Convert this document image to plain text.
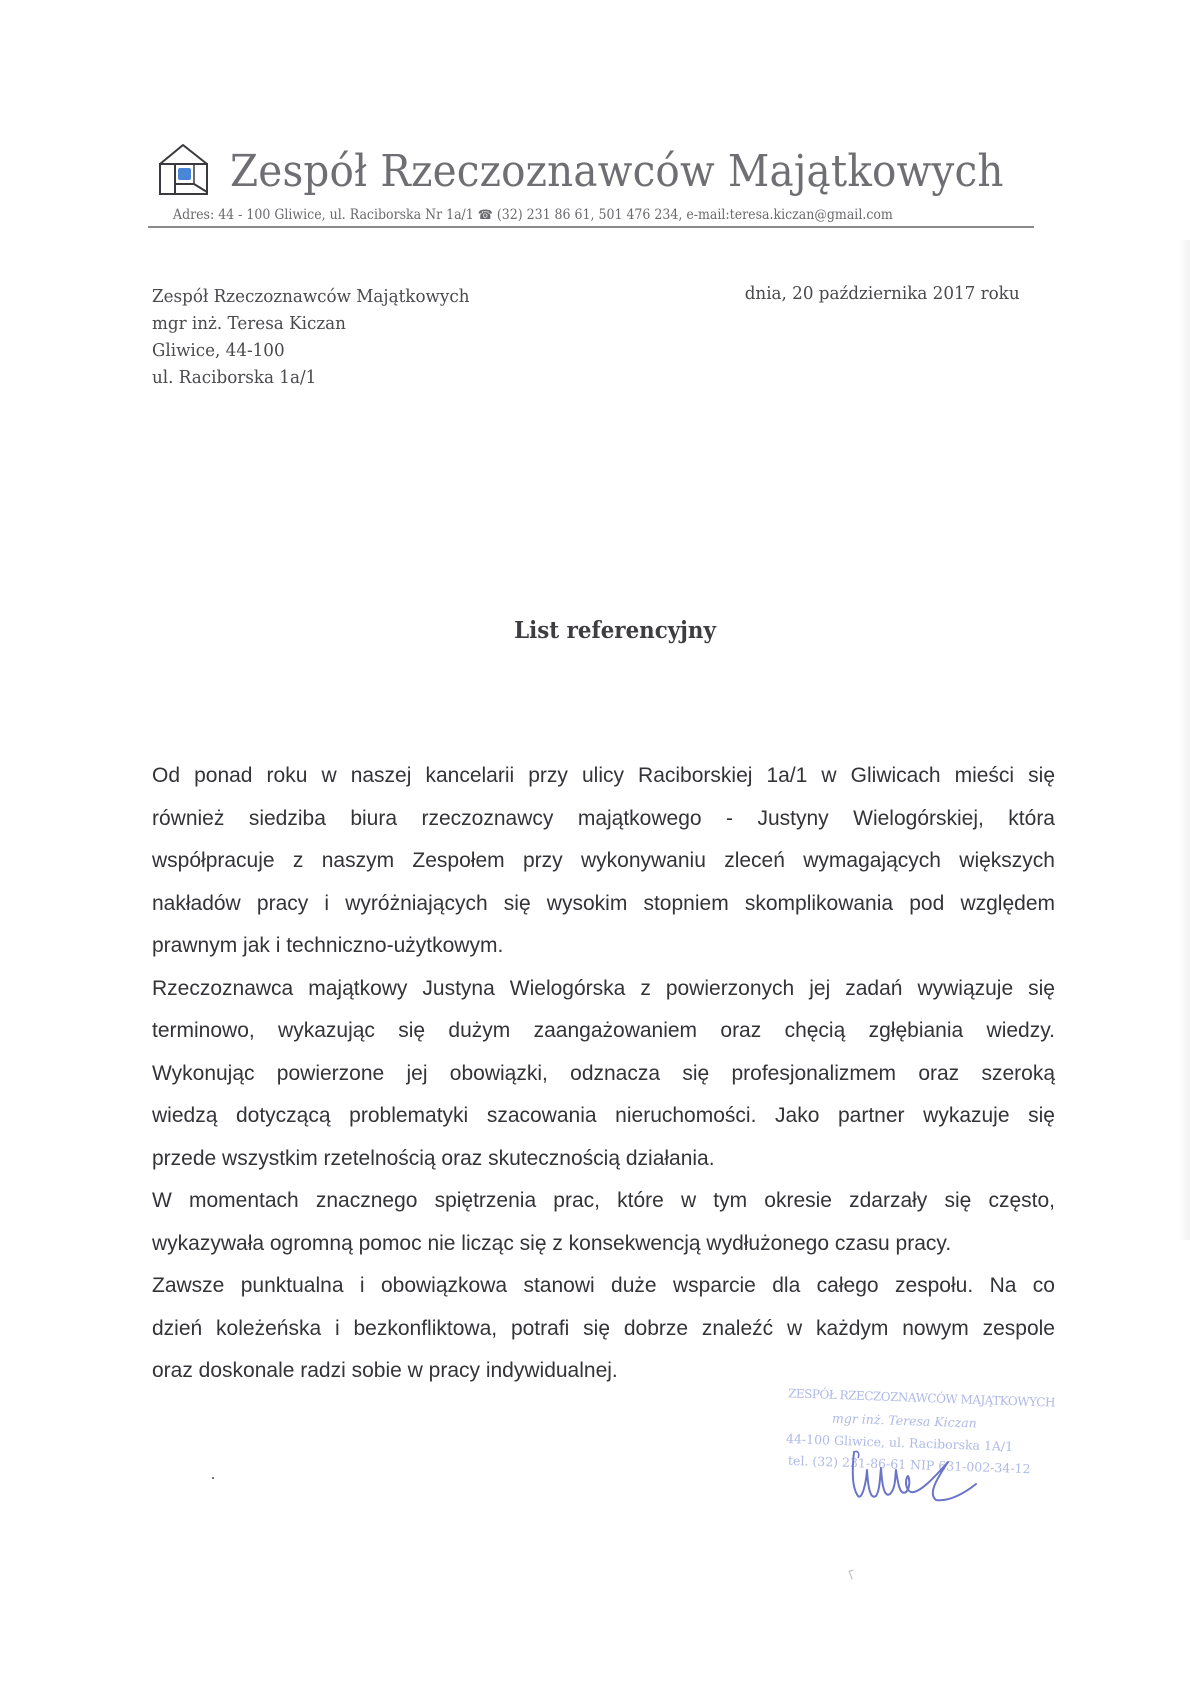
Zespół Rzeczoznawców Majątkowych
Adres: 44 - 100 Gliwice, ul. Raciborska Nr 1a/1 ☎ (32) 231 86 61, 501 476 234, e-mail:teresa.kiczan@gmail.com
Zespół Rzeczoznawców Majątkowych
mgr inż. Teresa Kiczan
Gliwice, 44-100
ul. Raciborska 1a/1
dnia, 20 października 2017 roku
List referencyjny
Od ponad roku w naszej kancelarii przy ulicy Raciborskiej 1a/1 w Gliwicach mieści się
również siedziba biura rzeczoznawcy majątkowego - Justyny Wielogórskiej, która
współpracuje z naszym Zespołem przy wykonywaniu zleceń wymagających większych
nakładów pracy i wyróżniających się wysokim stopniem skomplikowania pod względem
prawnym jak i techniczno-użytkowym.
Rzeczoznawca majątkowy Justyna Wielogórska z powierzonych jej zadań wywiązuje się
terminowo, wykazując się dużym zaangażowaniem oraz chęcią zgłębiania wiedzy.
Wykonując powierzone jej obowiązki, odznacza się profesjonalizmem oraz szeroką
wiedzą dotyczącą problematyki szacowania nieruchomości. Jako partner wykazuje się
przede wszystkim rzetelnością oraz skutecznością działania.
W momentach znacznego spiętrzenia prac, które w tym okresie zdarzały się często,
wykazywała ogromną pomoc nie licząc się z konsekwencją wydłużonego czasu pracy.
Zawsze punktualna i obowiązkowa stanowi duże wsparcie dla całego zespołu. Na co
dzień koleżeńska i bezkonfliktowa, potrafi się dobrze znaleźć w każdym nowym zespole
oraz doskonale radzi sobie w pracy indywidualnej.
ZESPÓŁ RZECZOZNAWCÓW MAJĄTKOWYCH
mgr inż. Teresa Kiczan
44-100 Gliwice, ul. Raciborska 1A/1
tel. (32) 231-86-61 NIP 631-002-34-12
